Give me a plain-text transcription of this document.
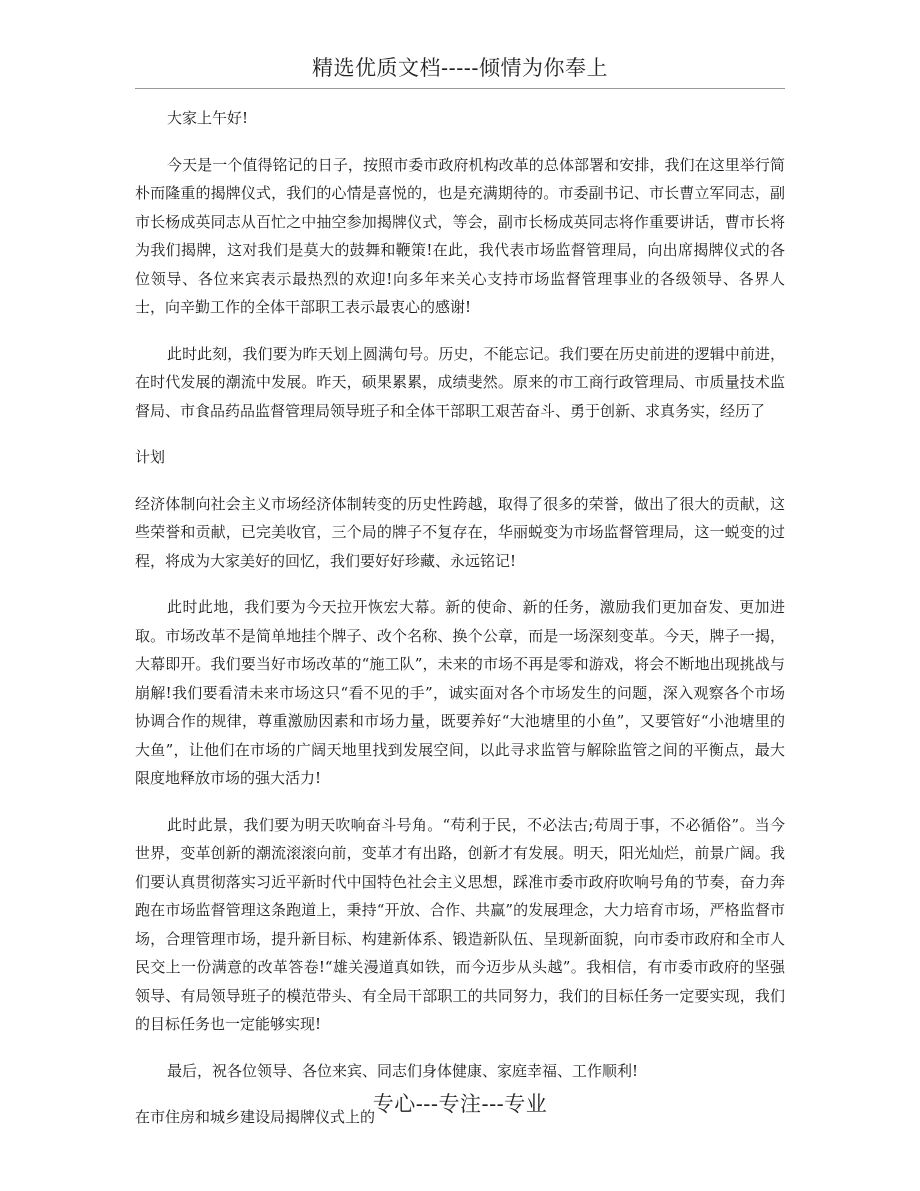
精选优质文档-----倾情为你奉上

大家上午好!

今天是一个值得铭记的日子，按照市委市政府机构改革的总体部署和安排，我们在这里举行简朴而隆重的揭牌仪式，我们的心情是喜悦的，也是充满期待的。市委副书记、市长曹立军同志，副市长杨成英同志从百忙之中抽空参加揭牌仪式，等会，副市长杨成英同志将作重要讲话，曹市长将为我们揭牌，这对我们是莫大的鼓舞和鞭策!在此，我代表市场监督管理局，向出席揭牌仪式的各位领导、各位来宾表示最热烈的欢迎!向多年来关心支持市场监督管理事业的各级领导、各界人士，向辛勤工作的全体干部职工表示最衷心的感谢!

此时此刻，我们要为昨天划上圆满句号。历史，不能忘记。我们要在历史前进的逻辑中前进，在时代发展的潮流中发展。昨天，硕果累累，成绩斐然。原来的市工商行政管理局、市质量技术监督局、市食品药品监督管理局领导班子和全体干部职工艰苦奋斗、勇于创新、求真务实，经历了

计划

经济体制向社会主义市场经济体制转变的历史性跨越，取得了很多的荣誉，做出了很大的贡献，这些荣誉和贡献，已完美收官，三个局的牌子不复存在，华丽蜕变为市场监督管理局，这一蜕变的过程，将成为大家美好的回忆，我们要好好珍藏、永远铭记!

此时此地，我们要为今天拉开恢宏大幕。新的使命、新的任务，激励我们更加奋发、更加进取。市场改革不是简单地挂个牌子、改个名称、换个公章，而是一场深刻变革。今天，牌子一揭，大幕即开。我们要当好市场改革的“施工队”，未来的市场不再是零和游戏，将会不断地出现挑战与崩解!我们要看清未来市场这只“看不见的手”，诚实面对各个市场发生的问题，深入观察各个市场协调合作的规律，尊重激励因素和市场力量，既要养好“大池塘里的小鱼”，又要管好“小池塘里的大鱼”，让他们在市场的广阔天地里找到发展空间，以此寻求监管与解除监管之间的平衡点，最大限度地释放市场的强大活力!

此时此景，我们要为明天吹响奋斗号角。“苟利于民，不必法古;苟周于事，不必循俗”。当今世界，变革创新的潮流滚滚向前，变革才有出路，创新才有发展。明天，阳光灿烂，前景广阔。我们要认真贯彻落实习近平新时代中国特色社会主义思想，踩准市委市政府吹响号角的节奏，奋力奔跑在市场监督管理这条跑道上，秉持“开放、合作、共赢”的发展理念，大力培育市场，严格监督市场，合理管理市场，提升新目标、构建新体系、锻造新队伍、呈现新面貌，向市委市政府和全市人民交上一份满意的改革答卷!“雄关漫道真如铁，而今迈步从头越”。我相信，有市委市政府的坚强领导、有局领导班子的模范带头、有全局干部职工的共同努力，我们的目标任务一定要实现，我们的目标任务也一定能够实现!

最后，祝各位领导、各位来宾、同志们身体健康、家庭幸福、工作顺利!

在市住房和城乡建设局揭牌仪式上的

专心---专注---专业
